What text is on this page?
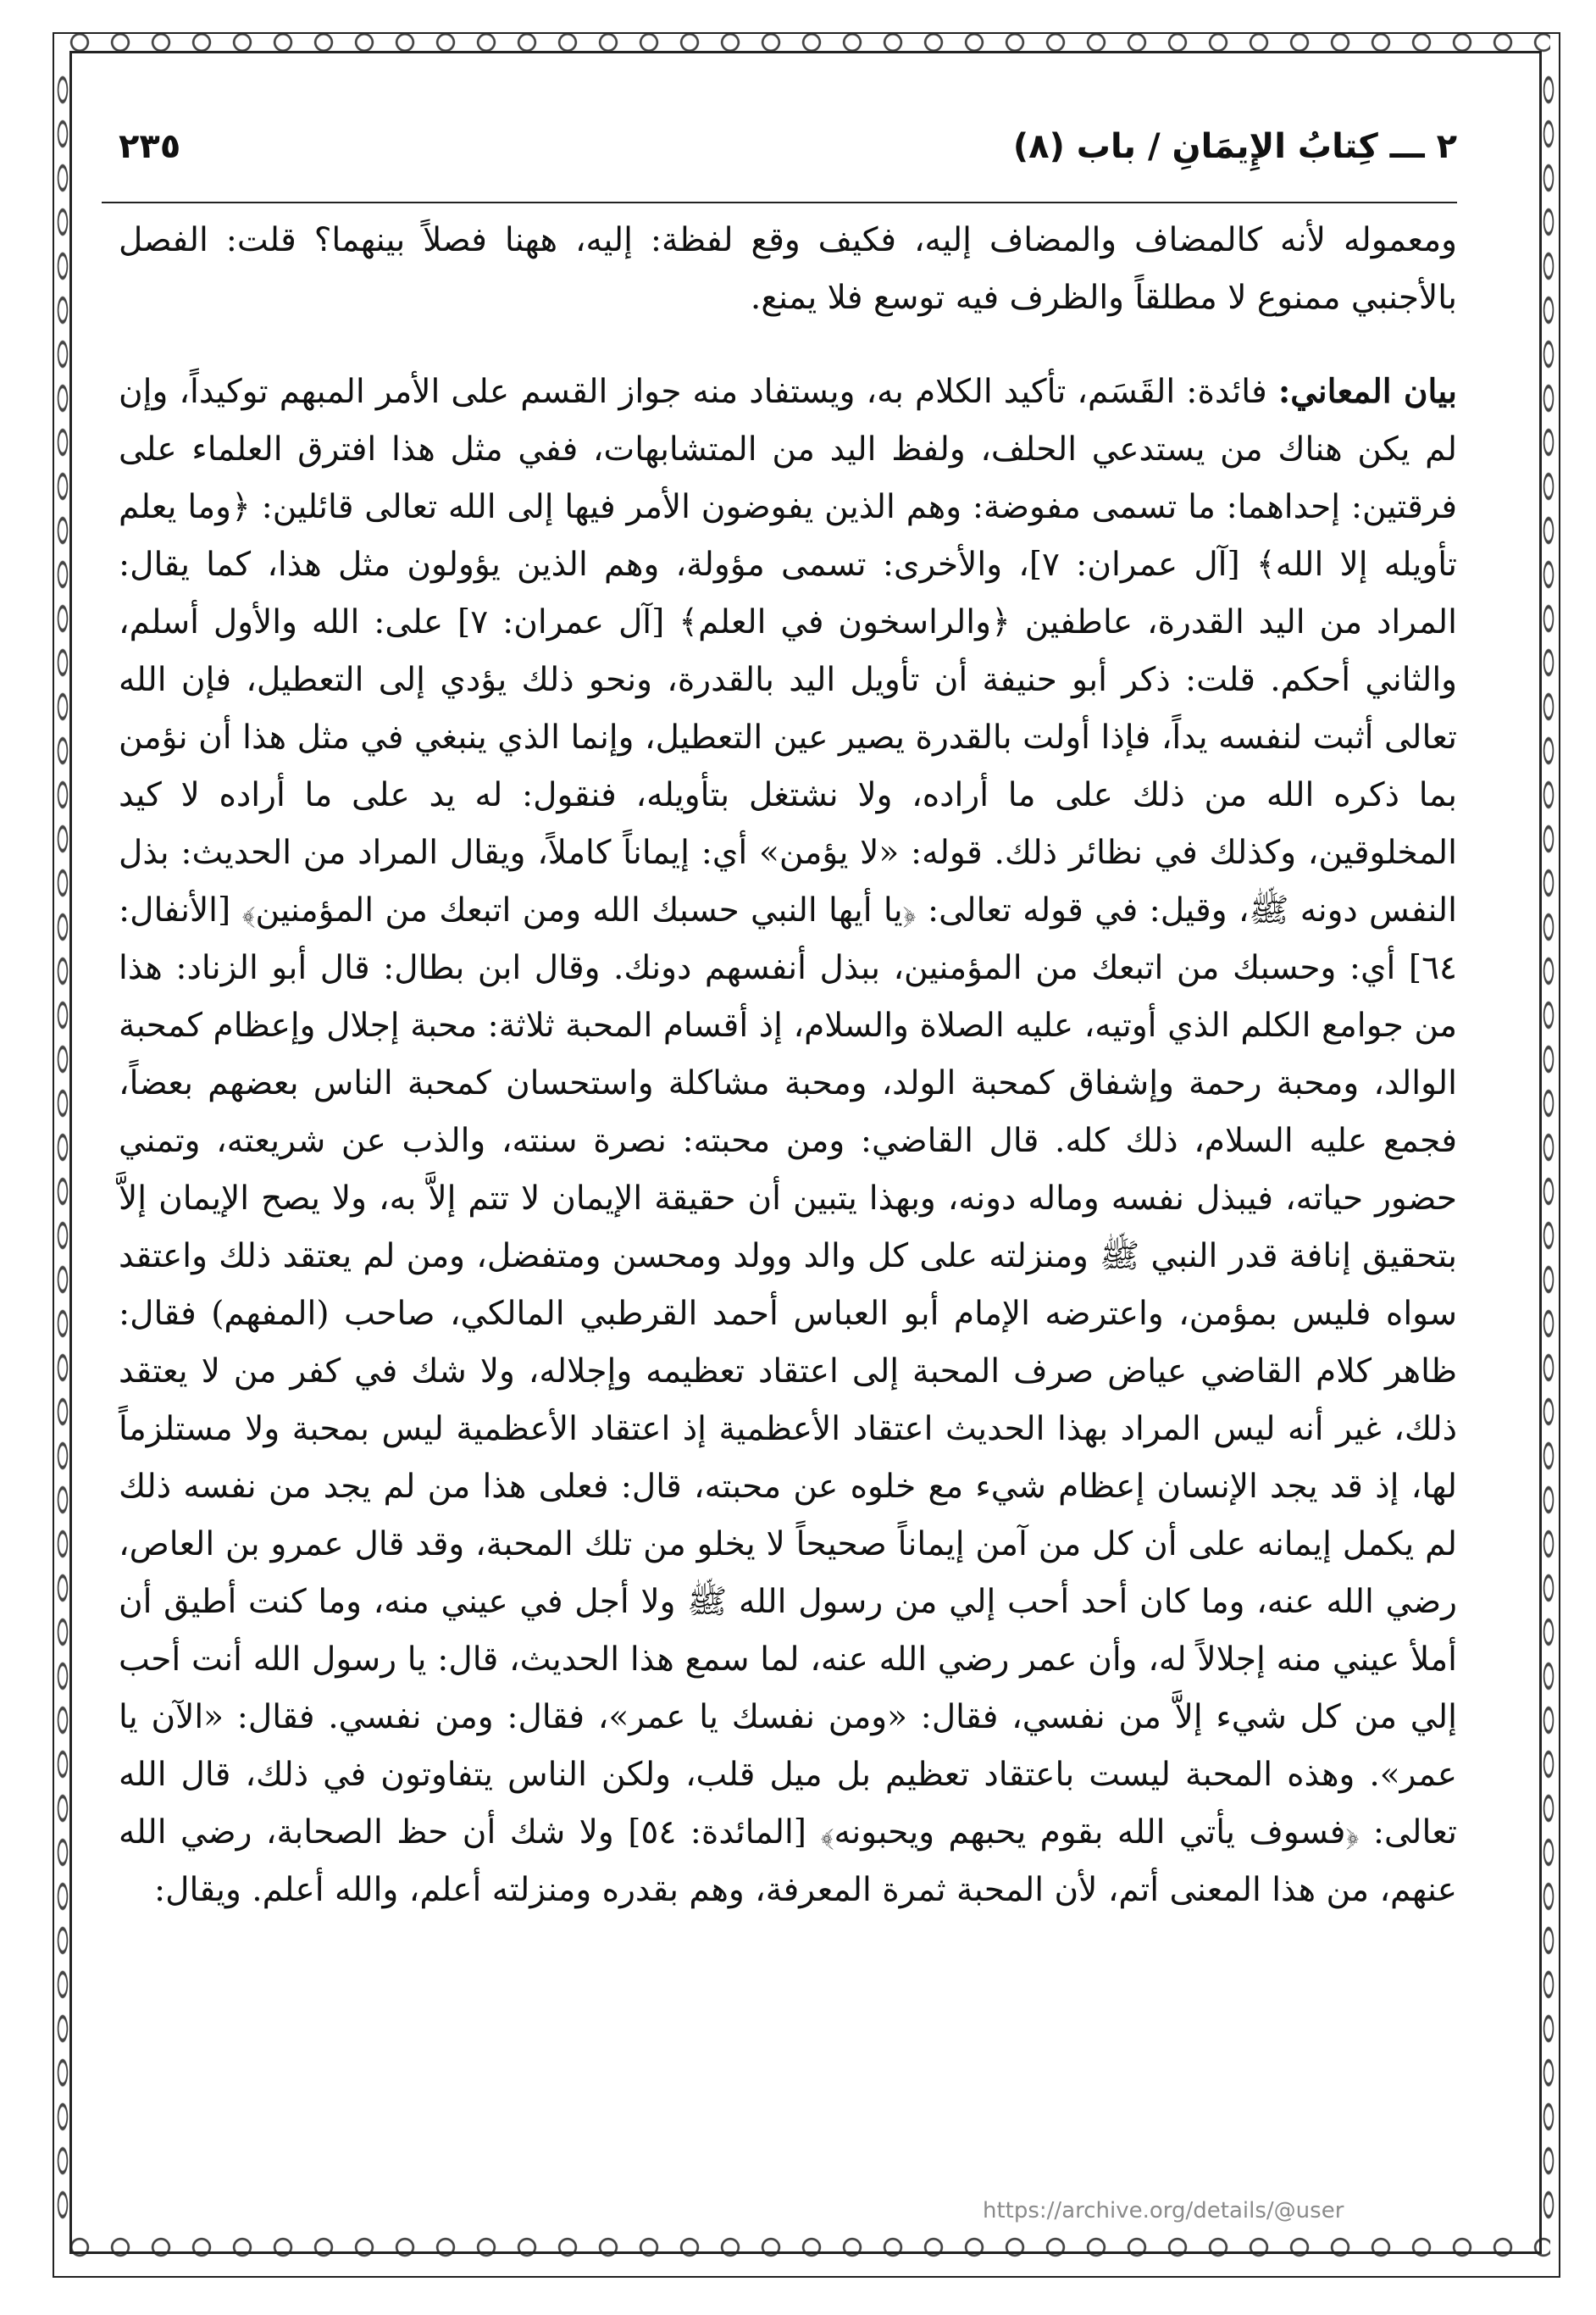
٢ ـــ كِتابُ الإِيمَانِ / باب (٨)
٢٣٥

ومعموله لأنه كالمضاف والمضاف إليه، فكيف وقع لفظة: إليه، ههنا فصلاً بينهما؟ قلت: الفصل بالأجنبي ممنوع لا مطلقاً والظرف فيه توسع فلا يمنع.

بيان المعاني: فائدة: القَسَم، تأكيد الكلام به، ويستفاد منه جواز القسم على الأمر المبهم توكيداً، وإن لم يكن هناك من يستدعي الحلف، ولفظ اليد من المتشابهات، ففي مثل هذا افترق العلماء على فرقتين: إحداهما: ما تسمى مفوضة: وهم الذين يفوضون الأمر فيها إلى الله تعالى قائلين: ﴿وما يعلم تأويله إلا الله﴾ [آل عمران: ٧]، والأخرى: تسمى مؤولة، وهم الذين يؤولون مثل هذا، كما يقال: المراد من اليد القدرة، عاطفين ﴿والراسخون في العلم﴾ [آل عمران: ٧] على: الله والأول أسلم، والثاني أحكم. قلت: ذكر أبو حنيفة أن تأويل اليد بالقدرة، ونحو ذلك يؤدي إلى التعطيل، فإن الله تعالى أثبت لنفسه يداً، فإذا أولت بالقدرة يصير عين التعطيل، وإنما الذي ينبغي في مثل هذا أن نؤمن بما ذكره الله من ذلك على ما أراده، ولا نشتغل بتأويله، فنقول: له يد على ما أراده لا كيد المخلوقين، وكذلك في نظائر ذلك. قوله: «لا يؤمن» أي: إيماناً كاملاً، ويقال المراد من الحديث: بذل النفس دونه ﷺ، وقيل: في قوله تعالى: ﴿يا أيها النبي حسبك الله ومن اتبعك من المؤمنين﴾ [الأنفال: ٦٤] أي: وحسبك من اتبعك من المؤمنين، ببذل أنفسهم دونك. وقال ابن بطال: قال أبو الزناد: هذا من جوامع الكلم الذي أوتيه، عليه الصلاة والسلام، إذ أقسام المحبة ثلاثة: محبة إجلال وإعظام كمحبة الوالد، ومحبة رحمة وإشفاق كمحبة الولد، ومحبة مشاكلة واستحسان كمحبة الناس بعضهم بعضاً، فجمع عليه السلام، ذلك كله. قال القاضي: ومن محبته: نصرة سنته، والذب عن شريعته، وتمني حضور حياته، فيبذل نفسه وماله دونه، وبهذا يتبين أن حقيقة الإيمان لا تتم إلاَّ به، ولا يصح الإيمان إلاَّ بتحقيق إنافة قدر النبي ﷺ ومنزلته على كل والد وولد ومحسن ومتفضل، ومن لم يعتقد ذلك واعتقد سواه فليس بمؤمن، واعترضه الإمام أبو العباس أحمد القرطبي المالكي، صاحب (المفهم) فقال: ظاهر كلام القاضي عياض صرف المحبة إلى اعتقاد تعظيمه وإجلاله، ولا شك في كفر من لا يعتقد ذلك، غير أنه ليس المراد بهذا الحديث اعتقاد الأعظمية إذ اعتقاد الأعظمية ليس بمحبة ولا مستلزماً لها، إذ قد يجد الإنسان إعظام شيء مع خلوه عن محبته، قال: فعلى هذا من لم يجد من نفسه ذلك لم يكمل إيمانه على أن كل من آمن إيماناً صحيحاً لا يخلو من تلك المحبة، وقد قال عمرو بن العاص، رضي الله عنه، وما كان أحد أحب إلي من رسول الله ﷺ ولا أجل في عيني منه، وما كنت أطيق أن أملأ عيني منه إجلالاً له، وأن عمر رضي الله عنه، لما سمع هذا الحديث، قال: يا رسول الله أنت أحب إلي من كل شيء إلاَّ من نفسي، فقال: «ومن نفسك يا عمر»، فقال: ومن نفسي. فقال: «الآن يا عمر». وهذه المحبة ليست باعتقاد تعظيم بل ميل قلب، ولكن الناس يتفاوتون في ذلك، قال الله تعالى: ﴿فسوف يأتي الله بقوم يحبهم ويحبونه﴾ [المائدة: ٥٤] ولا شك أن حظ الصحابة، رضي الله عنهم، من هذا المعنى أتم، لأن المحبة ثمرة المعرفة، وهم بقدره ومنزلته أعلم، والله أعلم. ويقال:

https://archive.org/details/@user
